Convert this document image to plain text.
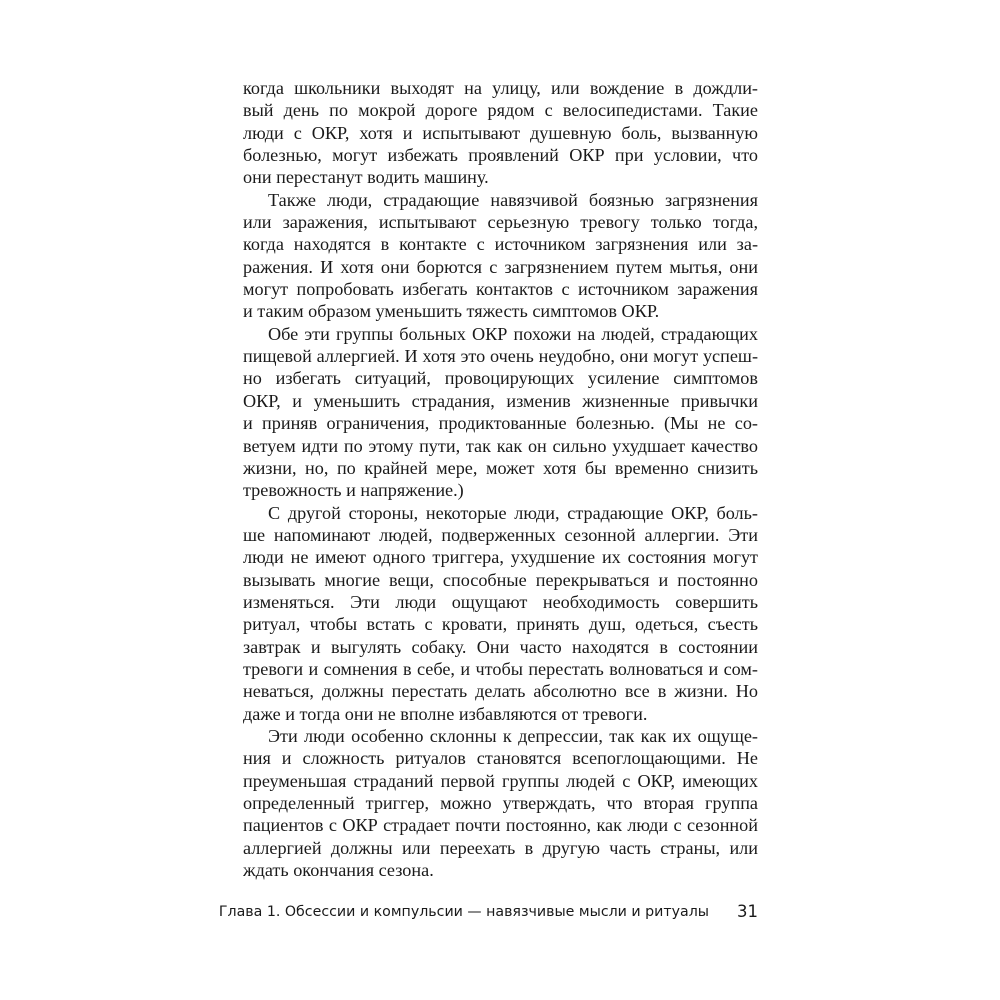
когда школьники выходят на улицу, или вождение в дождли-
вый день по мокрой дороге рядом с велосипедистами. Такие
люди с ОКР, хотя и испытывают душевную боль, вызванную
болезнью, могут избежать проявлений ОКР при условии, что
они перестанут водить машину.
Также люди, страдающие навязчивой боязнью загрязнения
или заражения, испытывают серьезную тревогу только тогда,
когда находятся в контакте с источником загрязнения или за-
ражения. И хотя они борются с загрязнением путем мытья, они
могут попробовать избегать контактов с источником заражения
и таким образом уменьшить тяжесть симптомов ОКР.
Обе эти группы больных ОКР похожи на людей, страдающих
пищевой аллергией. И хотя это очень неудобно, они могут успеш-
но избегать ситуаций, провоцирующих усиление симптомов
ОКР, и уменьшить страдания, изменив жизненные привычки
и приняв ограничения, продиктованные болезнью. (Мы не со-
ветуем идти по этому пути, так как он сильно ухудшает качество
жизни, но, по крайней мере, может хотя бы временно снизить
тревожность и напряжение.)
С другой стороны, некоторые люди, страдающие ОКР, боль-
ше напоминают людей, подверженных сезонной аллергии. Эти
люди не имеют одного триггера, ухудшение их состояния могут
вызывать многие вещи, способные перекрываться и постоянно
изменяться. Эти люди ощущают необходимость совершить
ритуал, чтобы встать с кровати, принять душ, одеться, съесть
завтрак и выгулять собаку. Они часто находятся в состоянии
тревоги и сомнения в себе, и чтобы перестать волноваться и сом-
неваться, должны перестать делать абсолютно все в жизни. Но
даже и тогда они не вполне избавляются от тревоги.
Эти люди особенно склонны к депрессии, так как их ощуще-
ния и сложность ритуалов становятся всепоглощающими. Не
преуменьшая страданий первой группы людей с ОКР, имеющих
определенный триггер, можно утверждать, что вторая группа
пациентов с ОКР страдает почти постоянно, как люди с сезонной
аллергией должны или переехать в другую часть страны, или
ждать окончания сезона.
Глава 1. Обсессии и компульсии — навязчивые мысли и ритуалы 31
